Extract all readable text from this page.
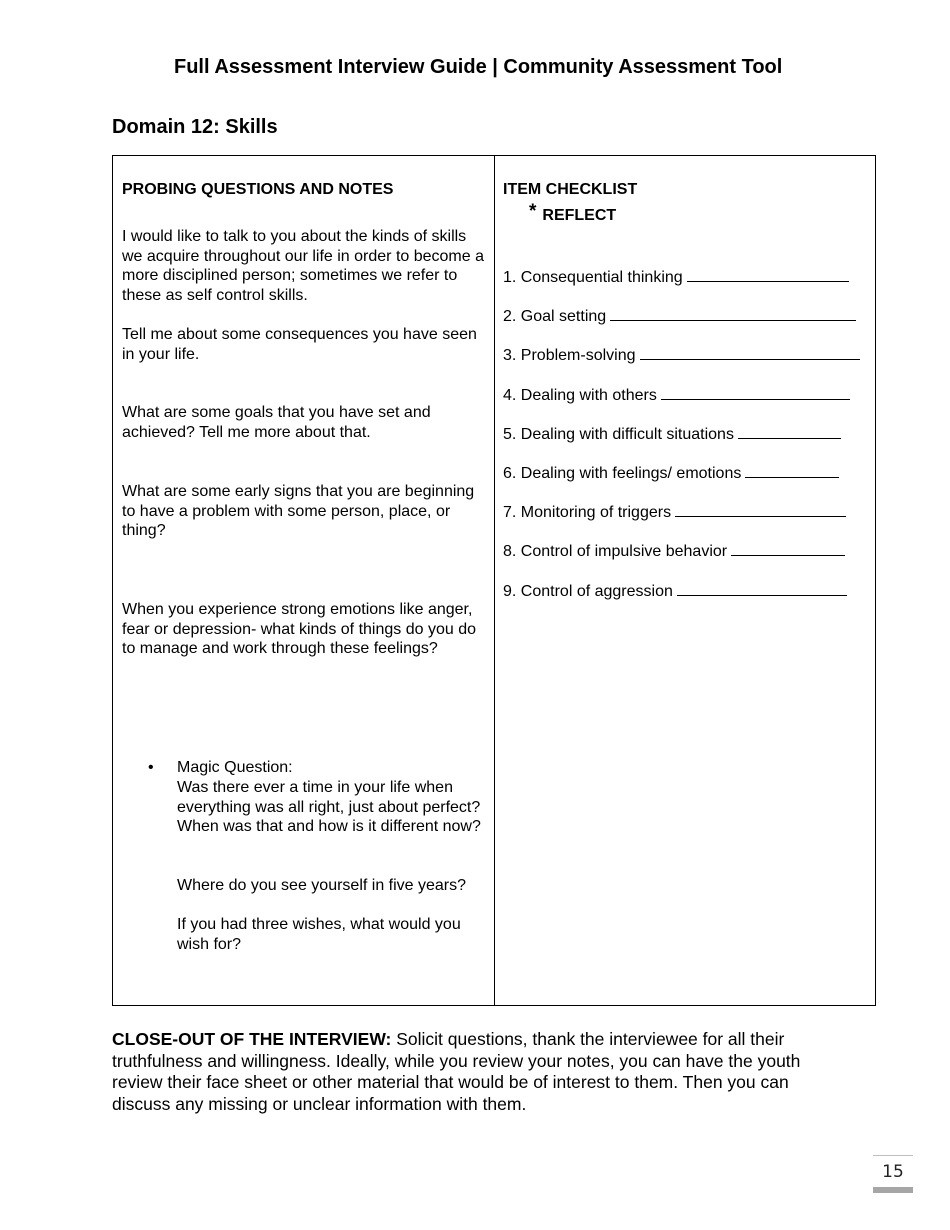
Full Assessment Interview Guide | Community Assessment Tool
Domain 12: Skills
PROBING QUESTIONS AND NOTES
I would like to talk to you about the kinds of skills we acquire throughout our life in order to become a more disciplined person; sometimes we refer to these as self control skills.
Tell me about some consequences you have seen in your life.
What are some goals that you have set and achieved? Tell me more about that.
What are some early signs that you are beginning to have a problem with some person, place, or thing?
When you experience strong emotions like anger, fear or depression- what kinds of things do you do to manage and work through these feelings?
• Magic Question:
Was there ever a time in your life when everything was all right, just about perfect? When was that and how is it different now?
Where do you see yourself in five years?
If you had three wishes, what would you wish for?
ITEM CHECKLIST
* REFLECT
1. Consequential thinking
2. Goal setting
3. Problem-solving
4. Dealing with others
5. Dealing with difficult situations
6. Dealing with feelings/ emotions
7. Monitoring of triggers
8. Control of impulsive behavior
9. Control of aggression
CLOSE-OUT OF THE INTERVIEW: Solicit questions, thank the interviewee for all their truthfulness and willingness. Ideally, while you review your notes, you can have the youth review their face sheet or other material that would be of interest to them. Then you can discuss any missing or unclear information with them.
15
